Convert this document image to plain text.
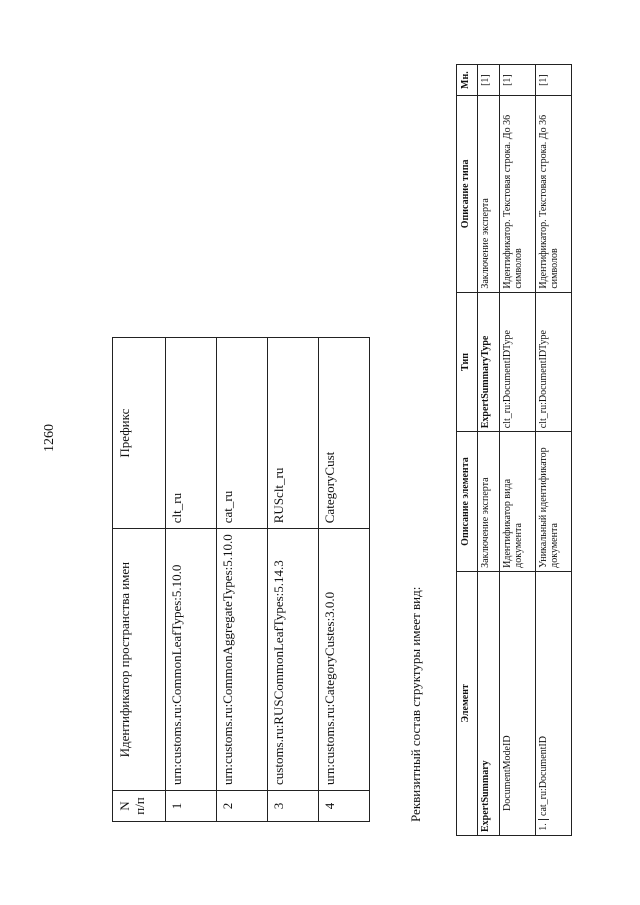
1260
N п/п	Идентификатор пространства имен	Префикс
1	urn:customs.ru:CommonLeafTypes:5.10.0	clt_ru
2	urn:customs.ru:CommonAggregateTypes:5.10.0	cat_ru
3	customs.ru:RUSCommonLeafTypes:5.14.3	RUSclt_ru
4	urn:customs.ru:CategoryCustes:3.0.0	CategoryCust
Реквизитный состав структуры имеет вид:	Элемент	Описание элемента	Тип	Описание типа	Мн.
ExpertSummary	Заключение эксперта	ExpertSummaryType	Заключение эксперта	[1]
DocumentModeID	Идентификатор вида документа	clt_ru:DocumentIDType	Идентификатор. Текстовая строка. До 36 символов	[1]
1.cat_ru:DocumentID	Уникальный идентификатор документа	clt_ru:DocumentIDType	Идентификатор. Текстовая строка. До 36 символов	[1]
